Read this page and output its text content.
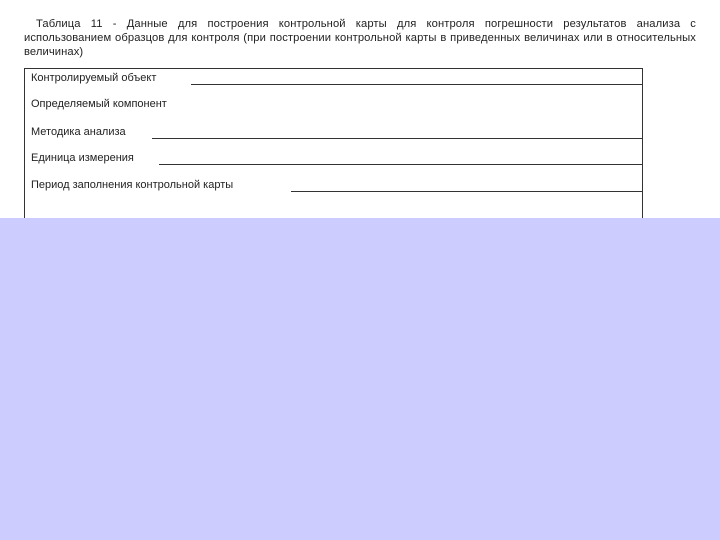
Таблица 11 - Данные для построения контрольной карты для контроля погрешности результатов анализа с
использованием образцов для контроля (при построении контрольной карты в приведенных величинах или в относительных
величинах)
Контролируемый объект
Определяемый компонент
Методика анализа
Единица измерения
Период заполнения контрольной карты
